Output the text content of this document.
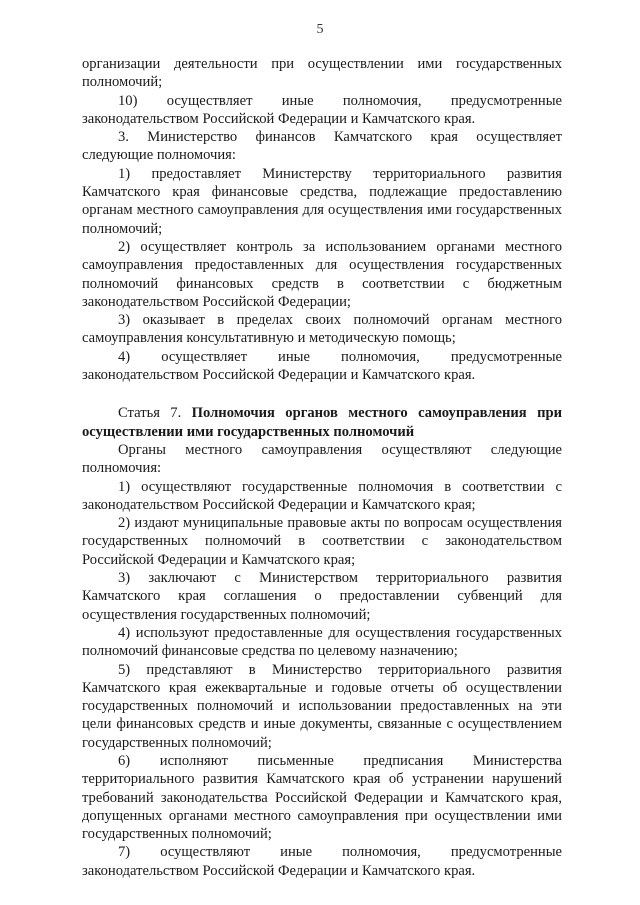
5

организации деятельности при осуществлении ими государственных полномочий;

10) осуществляет иные полномочия, предусмотренные законодательством Российской Федерации и Камчатского края.

3. Министерство финансов Камчатского края осуществляет следующие полномочия:

1) предоставляет Министерству территориального развития Камчатского края финансовые средства, подлежащие предоставлению органам местного самоуправления для осуществления ими государственных полномочий;

2) осуществляет контроль за использованием органами местного самоуправления предоставленных для осуществления государственных полномочий финансовых средств в соответствии с бюджетным законодательством Российской Федерации;

3) оказывает в пределах своих полномочий органам местного самоуправления консультативную и методическую помощь;

4) осуществляет иные полномочия, предусмотренные законодательством Российской Федерации и Камчатского края.

Статья 7. Полномочия органов местного самоуправления при осуществлении ими государственных полномочий

Органы местного самоуправления осуществляют следующие полномочия:

1) осуществляют государственные полномочия в соответствии с законодательством Российской Федерации и Камчатского края;

2) издают муниципальные правовые акты по вопросам осуществления государственных полномочий в соответствии с законодательством Российской Федерации и Камчатского края;

3) заключают с Министерством территориального развития Камчатского края соглашения о предоставлении субвенций для осуществления государственных полномочий;

4) используют предоставленные для осуществления государственных полномочий финансовые средства по целевому назначению;

5) представляют в Министерство территориального развития Камчатского края ежеквартальные и годовые отчеты об осуществлении государственных полномочий и использовании предоставленных на эти цели финансовых средств и иные документы, связанные с осуществлением государственных полномочий;

6) исполняют письменные предписания Министерства территориального развития Камчатского края об устранении нарушений требований законодательства Российской Федерации и Камчатского края, допущенных органами местного самоуправления при осуществлении ими государственных полномочий;

7) осуществляют иные полномочия, предусмотренные законодательством Российской Федерации и Камчатского края.
